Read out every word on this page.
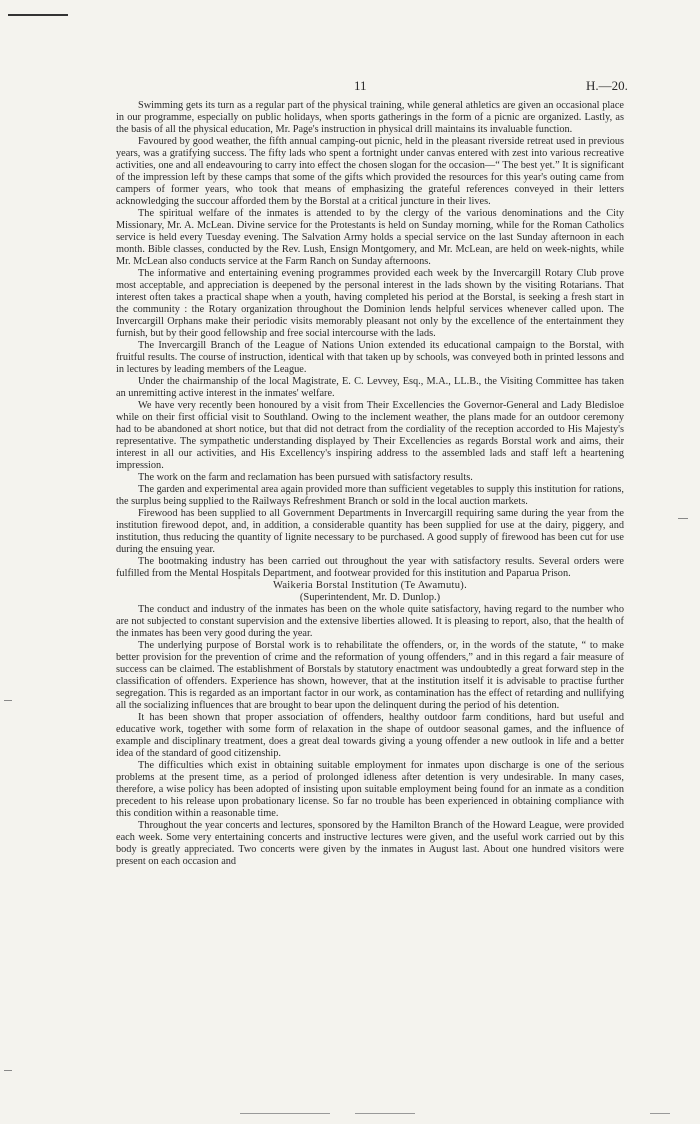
11	H.—20.

Swimming gets its turn as a regular part of the physical training, while general athletics are given an occasional place in our programme, especially on public holidays, when sports gatherings in the form of a picnic are organized. Lastly, as the basis of all the physical education, Mr. Page's instruction in physical drill maintains its invaluable function.

Favoured by good weather, the fifth annual camping-out picnic, held in the pleasant riverside retreat used in previous years, was a gratifying success. The fifty lads who spent a fortnight under canvas entered with zest into various recreative activities, one and all endeavouring to carry into effect the chosen slogan for the occasion—“ The best yet.” It is significant of the impression left by these camps that some of the gifts which provided the resources for this year's outing came from campers of former years, who took that means of emphasizing the grateful references conveyed in their letters acknowledging the succour afforded them by the Borstal at a critical juncture in their lives.

The spiritual welfare of the inmates is attended to by the clergy of the various denominations and the City Missionary, Mr. A. McLean. Divine service for the Protestants is held on Sunday morning, while for the Roman Catholics service is held every Tuesday evening. The Salvation Army holds a special service on the last Sunday afternoon in each month. Bible classes, conducted by the Rev. Lush, Ensign Montgomery, and Mr. McLean, are held on week-nights, while Mr. McLean also conducts service at the Farm Ranch on Sunday afternoons.

The informative and entertaining evening programmes provided each week by the Invercargill Rotary Club prove most acceptable, and appreciation is deepened by the personal interest in the lads shown by the visiting Rotarians. That interest often takes a practical shape when a youth, having completed his period at the Borstal, is seeking a fresh start in the community : the Rotary organization throughout the Dominion lends helpful services whenever called upon. The Invercargill Orphans make their periodic visits memorably pleasant not only by the excellence of the entertainment they furnish, but by their good fellowship and free social intercourse with the lads.

The Invercargill Branch of the League of Nations Union extended its educational campaign to the Borstal, with fruitful results. The course of instruction, identical with that taken up by schools, was conveyed both in printed lessons and in lectures by leading members of the League.

Under the chairmanship of the local Magistrate, E. C. Levvey, Esq., M.A., LL.B., the Visiting Committee has taken an unremitting active interest in the inmates' welfare.

We have very recently been honoured by a visit from Their Excellencies the Governor-General and Lady Bledisloe while on their first official visit to Southland. Owing to the inclement weather, the plans made for an outdoor ceremony had to be abandoned at short notice, but that did not detract from the cordiality of the reception accorded to His Majesty's representative. The sympathetic understanding displayed by Their Excellencies as regards Borstal work and aims, their interest in all our activities, and His Excellency's inspiring address to the assembled lads and staff left a heartening impression.

The work on the farm and reclamation has been pursued with satisfactory results.

The garden and experimental area again provided more than sufficient vegetables to supply this institution for rations, the surplus being supplied to the Railways Refreshment Branch or sold in the local auction markets.

Firewood has been supplied to all Government Departments in Invercargill requiring same during the year from the institution firewood depot, and, in addition, a considerable quantity has been supplied for use at the dairy, piggery, and institution, thus reducing the quantity of lignite necessary to be purchased. A good supply of firewood has been cut for use during the ensuing year.

The bootmaking industry has been carried out throughout the year with satisfactory results. Several orders were fulfilled from the Mental Hospitals Department, and footwear provided for this institution and Paparua Prison.

Waikeria Borstal Institution (Te Awamutu).

(Superintendent, Mr. D. Dunlop.)

The conduct and industry of the inmates has been on the whole quite satisfactory, having regard to the number who are not subjected to constant supervision and the extensive liberties allowed. It is pleasing to report, also, that the health of the inmates has been very good during the year.

The underlying purpose of Borstal work is to rehabilitate the offenders, or, in the words of the statute, “ to make better provision for the prevention of crime and the reformation of young offenders,” and in this regard a fair measure of success can be claimed. The establishment of Borstals by statutory enactment was undoubtedly a great forward step in the classification of offenders. Experience has shown, however, that at the institution itself it is advisable to practise further segregation. This is regarded as an important factor in our work, as contamination has the effect of retarding and nullifying all the socializing influences that are brought to bear upon the delinquent during the period of his detention.

It has been shown that proper association of offenders, healthy outdoor farm conditions, hard but useful and educative work, together with some form of relaxation in the shape of outdoor seasonal games, and the influence of example and disciplinary treatment, does a great deal towards giving a young offender a new outlook in life and a better idea of the standard of good citizenship.

The difficulties which exist in obtaining suitable employment for inmates upon discharge is one of the serious problems at the present time, as a period of prolonged idleness after detention is very undesirable. In many cases, therefore, a wise policy has been adopted of insisting upon suitable employment being found for an inmate as a condition precedent to his release upon probationary license. So far no trouble has been experienced in obtaining compliance with this condition within a reasonable time.

Throughout the year concerts and lectures, sponsored by the Hamilton Branch of the Howard League, were provided each week. Some very entertaining concerts and instructive lectures were given, and the useful work carried out by this body is greatly appreciated. Two concerts were given by the inmates in August last. About one hundred visitors were present on each occasion and
